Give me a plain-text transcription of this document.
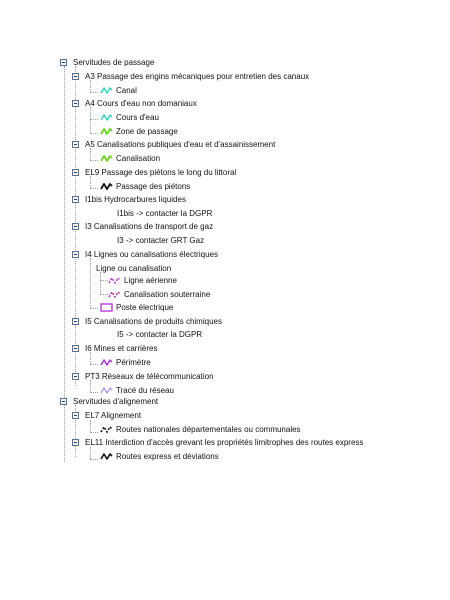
Servitudes de passage
A3 Passage des engins mécaniques pour entretien des canaux
Canal
A4 Cours d'eau non domaniaux
Cours d'eau
Zone de passage
A5 Canalisations publiques d'eau et d'assainissement
Canalisation
EL9 Passage des piétons le long du littoral
Passage des piétons
I1bis Hydrocarbures liquides
I1bis -> contacter la DGPR
I3 Canalisations de transport de gaz
I3 -> contacter GRT Gaz
I4 Lignes ou canalisations électriques
Ligne ou canalisation
Ligne aérienne
Canalisation souterraine
Poste électrique
I5 Canalisations de produits chimiques
I5 -> contacter la DGPR
I6 Mines et carrières
Périmètre
PT3 Réseaux de télécommunication
Tracé du réseau
Servitudes d'alignement
EL7 Alignement
Routes nationales départementales ou communales
EL11 Interdiction d'accès grevant les propriétés limitrophes des routes express
Routes express et déviations
